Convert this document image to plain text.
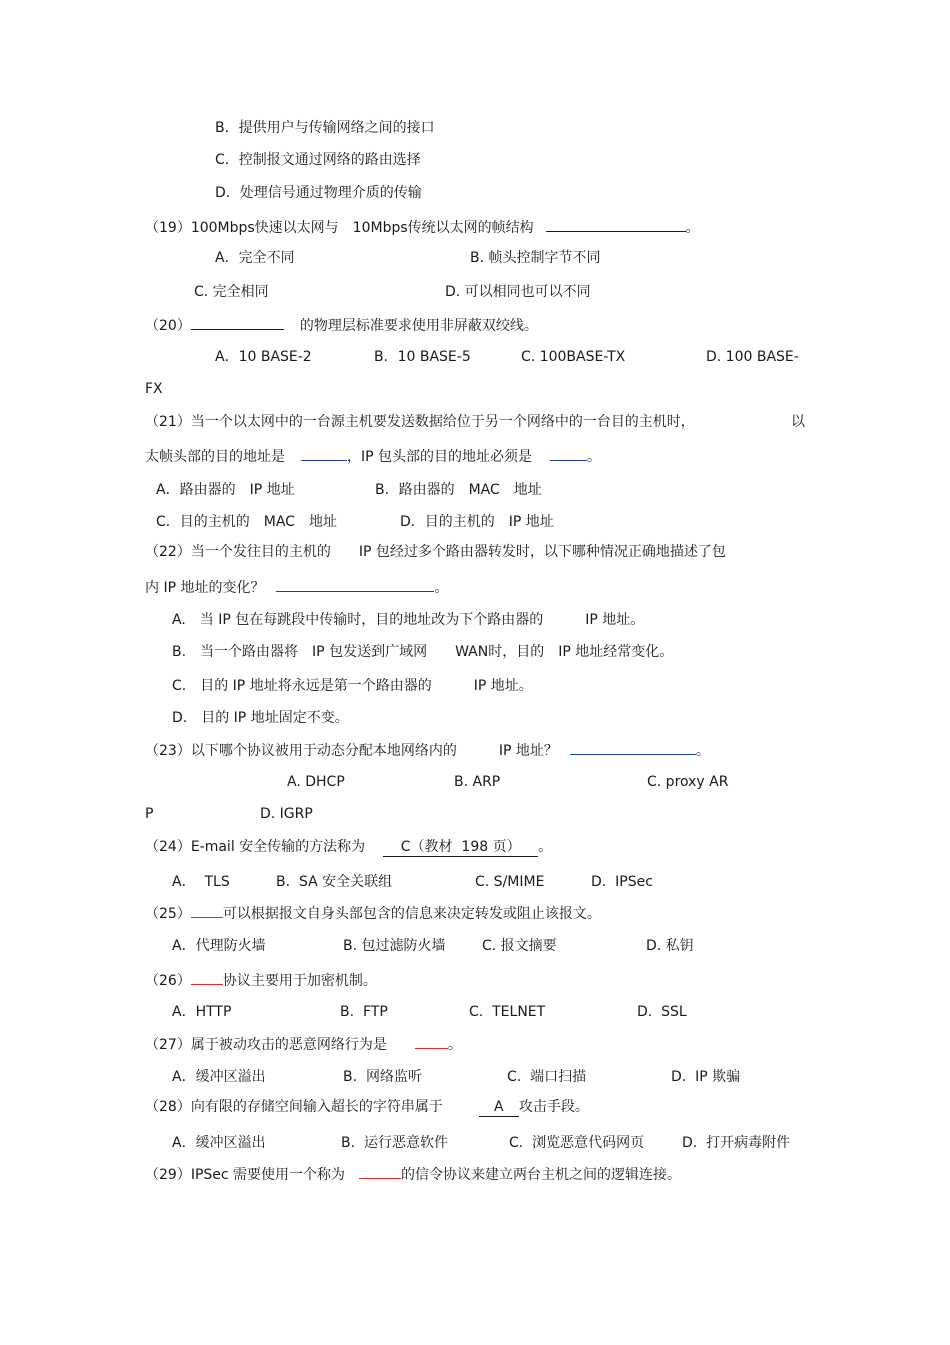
B．提供用户与传输网络之间的接口
C．控制报文通过网络的路由选择
D．处理信号通过物理介质的传输
（19）100Mbps快速以太网与　10Mbps传统以太网的帧结构	。
A．完全不同	B. 帧头控制字节不同
C. 完全相同	D. 可以相同也可以不同
（20）	的物理层标准要求使用非屏蔽双绞线。
A．10 BASE-2	B．10 BASE-5	C. 100BASE-TX	D. 100 BASE-
FX
（21）当一个以太网中的一台源主机要发送数据给位于另一个网络中的一台目的主机时，	以
太帧头部的目的地址是	，IP 包头部的目的地址必须是	。
A．路由器的　IP 地址	B．路由器的　MAC　地址
C．目的主机的　MAC　地址	D．目的主机的　IP 地址
（22）当一个发往目的主机的　　IP 包经过多个路由器转发时，以下哪种情况正确地描述了包
内 IP 地址的变化？	。
A.　当 IP 包在每跳段中传输时，目的地址改为下个路由器的　　　IP 地址。
B.　当一个路由器将　IP 包发送到广域网　　WAN时，目的　IP 地址经常变化。
C.　目的 IP 地址将永远是第一个路由器的　　　IP 地址。
D.　目的 IP 地址固定不变。
（23）以下哪个协议被用于动态分配本地网络内的　　　IP 地址？	。
A. DHCP	B. ARP	C. proxy AR
P	D. IGRP
（24）E-mail 安全传输的方法称为	C（教材  198 页） 。
A．  TLS	B.  SA 安全关联组	C. S/MIME	D.  IPSec
（25） 可以根据报文自身头部包含的信息来决定转发或阻止该报文。
A．代理防火墙	B. 包过滤防火墙	C. 报文摘要	D. 私钥
（26） 协议主要用于加密机制。
A．HTTP	B.  FTP	C.  TELNET	D.  SSL
（27）属于被动攻击的恶意网络行为是	。
A．缓冲区溢出	B.  网络监听	C.  端口扫描	D.  IP 欺骗
（28）向有限的存储空间输入超长的字符串属于	A 攻击手段。
A．缓冲区溢出	B.  运行恶意软件	C.  浏览恶意代码网页	D.  打开病毒附件
（29）IPSec 需要使用一个称为	的信令协议来建立两台主机之间的逻辑连接。
